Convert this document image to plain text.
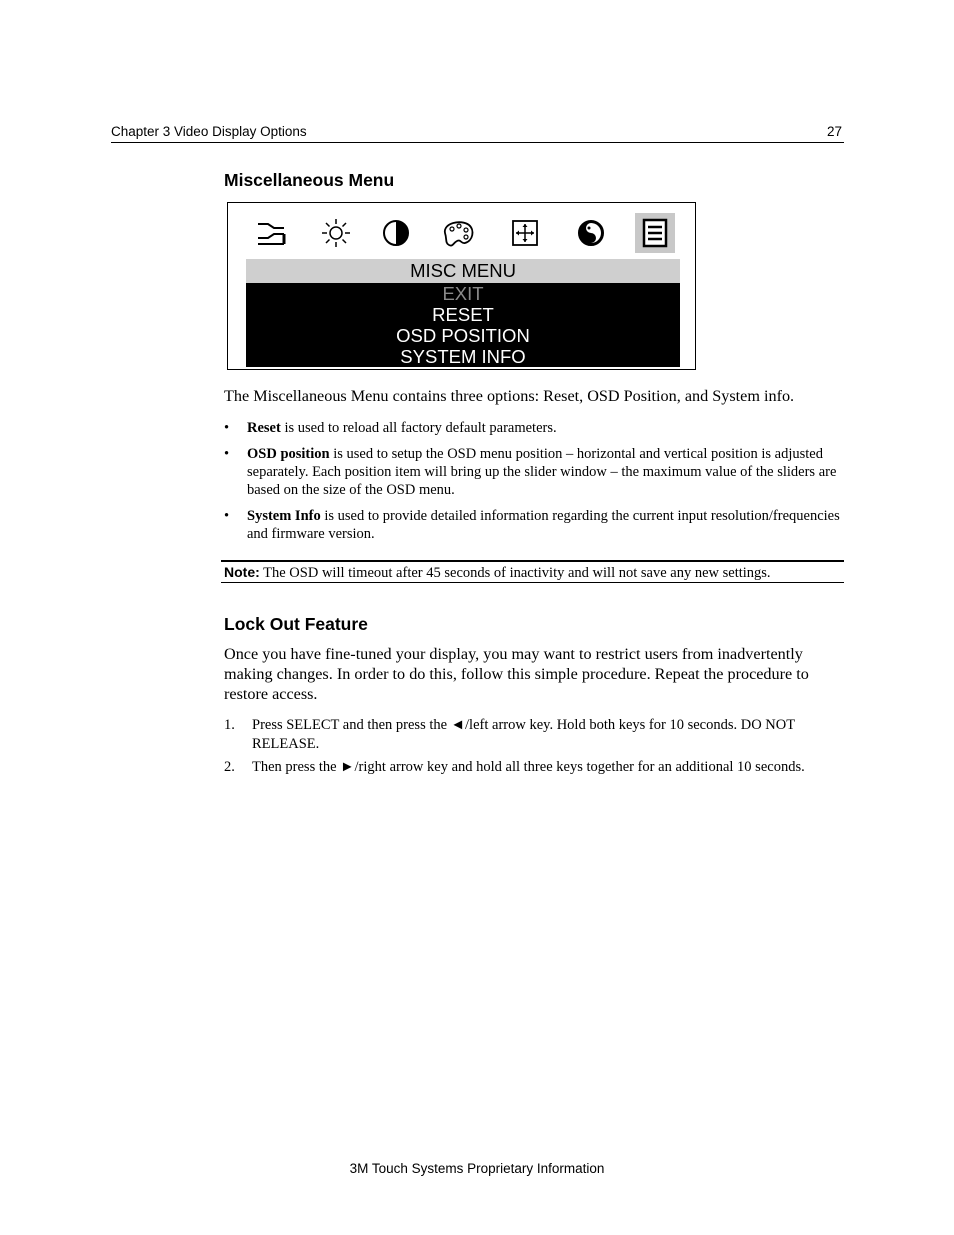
Chapter 3 Video Display Options	27
Miscellaneous Menu
MISC MENU
EXIT
RESET
OSD POSITION
SYSTEM INFO
The Miscellaneous Menu contains three options: Reset, OSD Position, and System info.
• Reset is used to reload all factory default parameters.
• OSD position is used to setup the OSD menu position – horizontal and vertical position is adjusted separately. Each position item will bring up the slider window – the maximum value of the sliders are based on the size of the OSD menu.
• System Info is used to provide detailed information regarding the current input resolution/frequencies and firmware version.
Note: The OSD will timeout after 45 seconds of inactivity and will not save any new settings.
Lock Out Feature
Once you have fine-tuned your display, you may want to restrict users from inadvertently making changes. In order to do this, follow this simple procedure. Repeat the procedure to restore access.
1. Press SELECT and then press the ◄/left arrow key. Hold both keys for 10 seconds. DO NOT RELEASE.
2. Then press the ►/right arrow key and hold all three keys together for an additional 10 seconds.
3M Touch Systems Proprietary Information
